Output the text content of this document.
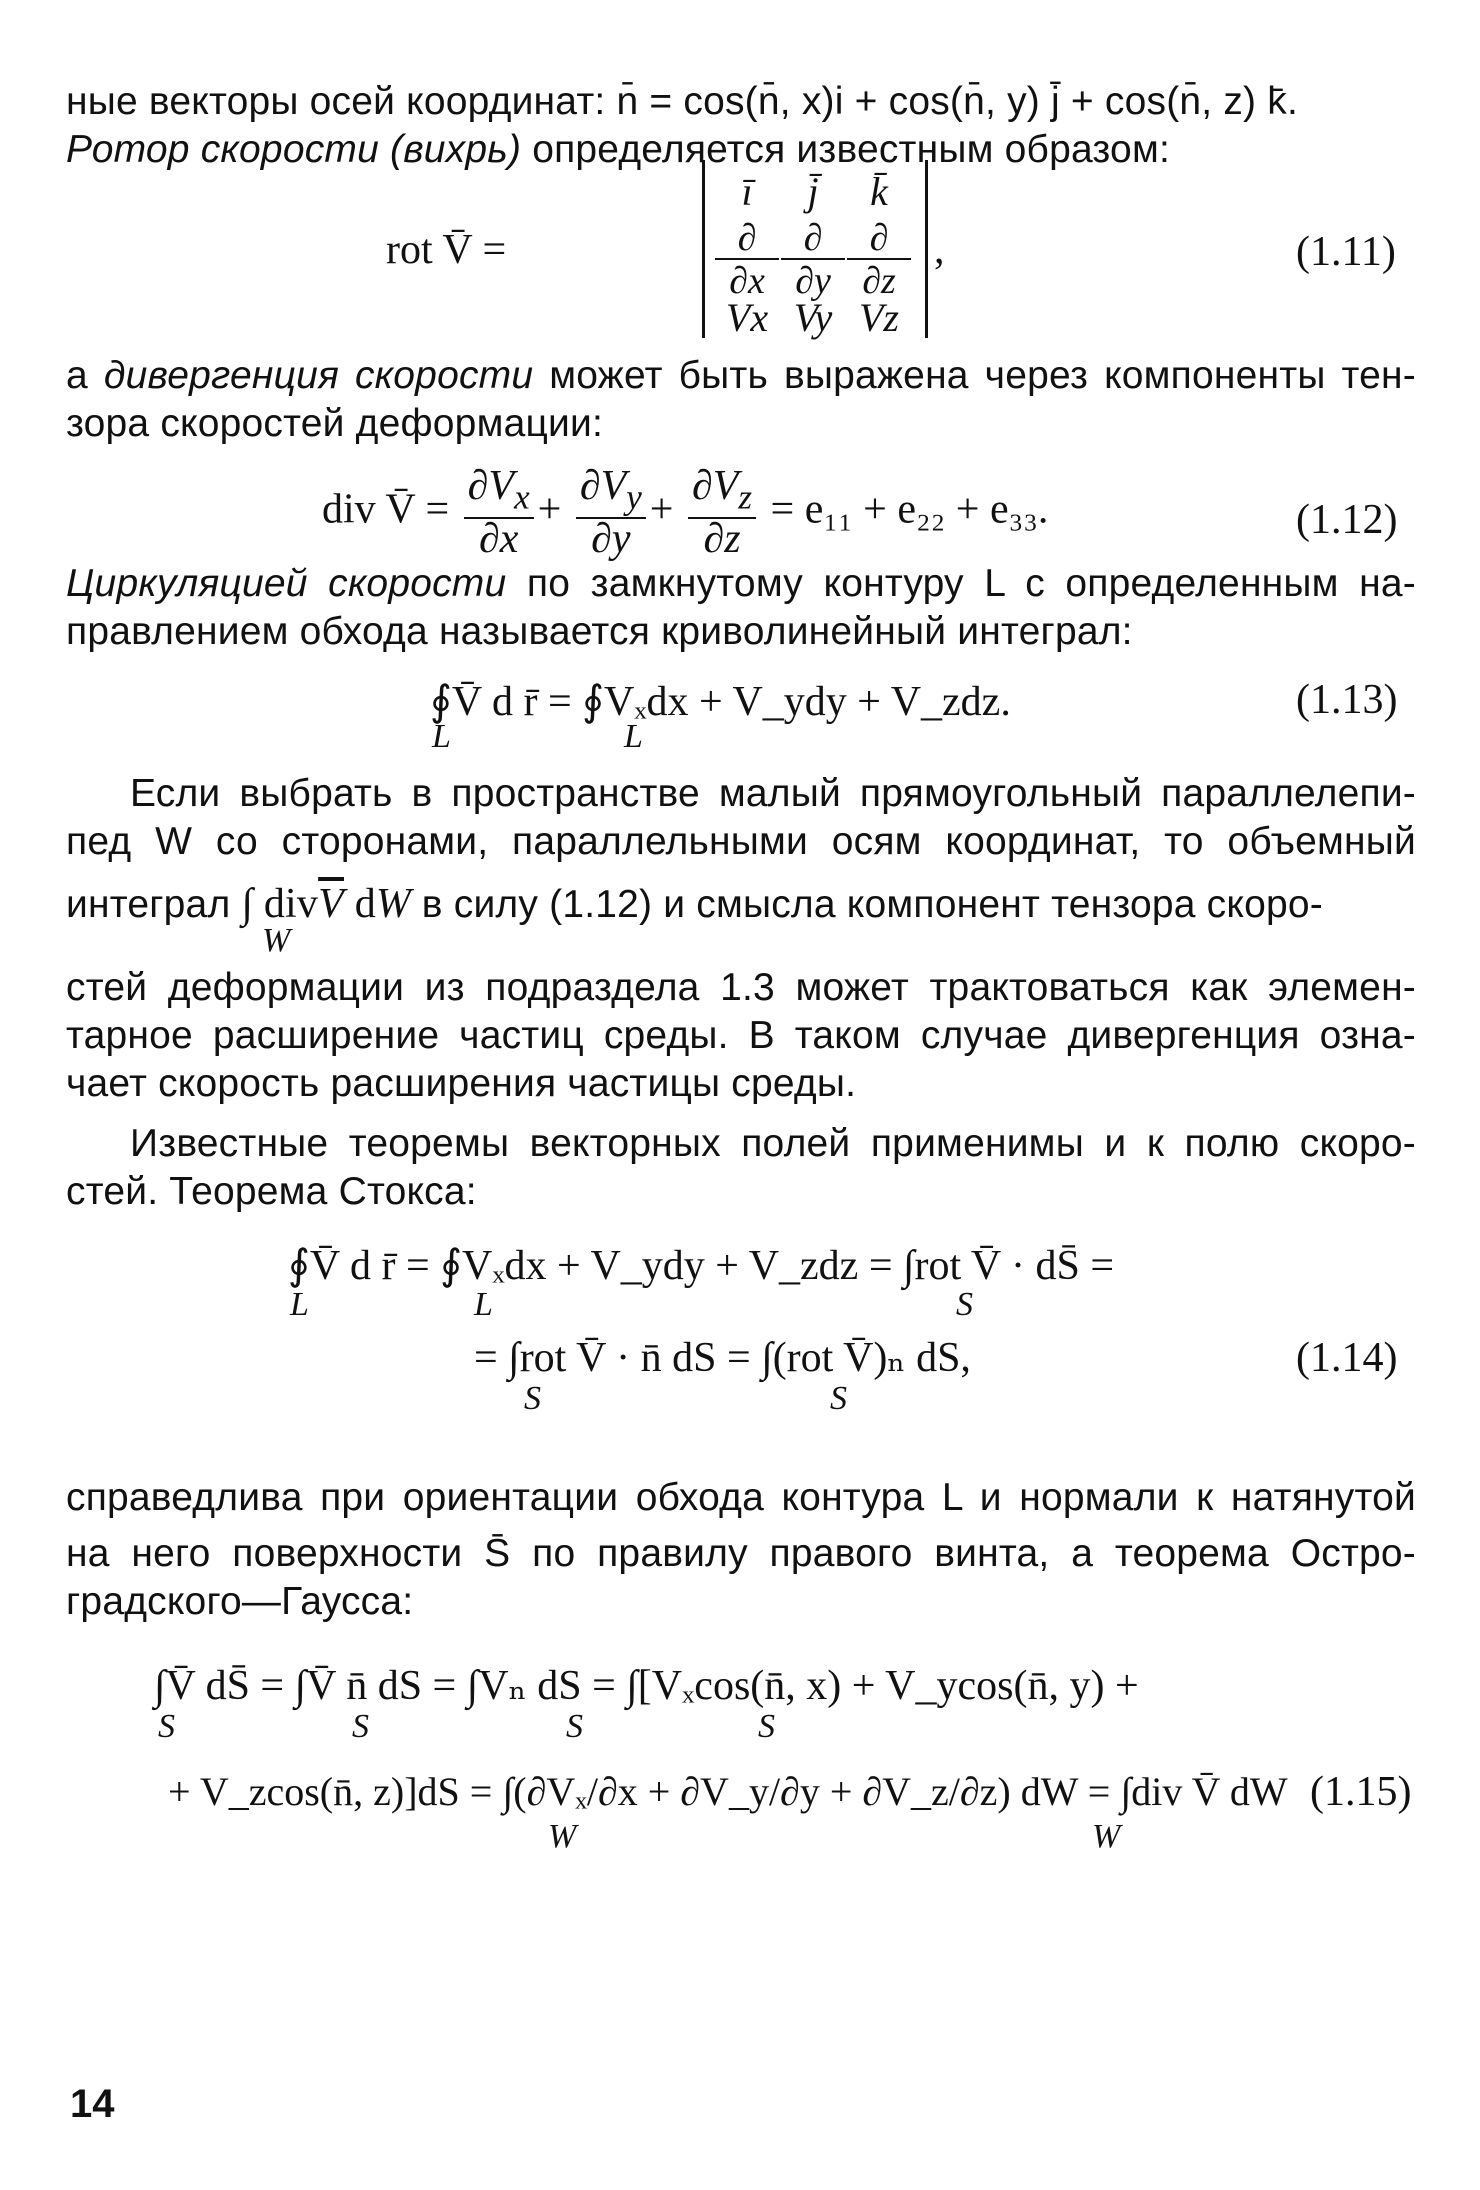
ные векторы осей координат: n̄ = cos(n̄, x)i + cos(n̄, y) j̄ + cos(n̄, z) k̄.
Ротор скорости (вихрь) определяется известным образом:
rot V̄ =
ī	j̄	k̄
∂
∂x
∂
∂y
∂
∂z
Vx Vy Vz
,	(1.11)
а дивергенция скорости может быть выражена через компоненты тен-
зора скоростей деформации:
div V̄ = $\frac{\partial V_x}{\partial x} + \frac{\partial V_y}{\partial y} + \frac{\partial V_z}{\partial z} = e_{11} + e_{22} + e_{33}$.	(1.12)
Циркуляцией скорости по замкнутому контуру L с определенным на-
правлением обхода называется криволинейный интеграл:
∮V̄ d r̄ = ∮Vₓdx + V_ydy + V_zdz.
L	L
(1.13)
Если выбрать в пространстве малый прямоугольный параллелепи-
пед W со сторонами, параллельными осям координат, то объемный
интеграл ∫ $div\overline{V}$ dW в силу (1.12) и смысла компонент тензора скоро-
W
стей деформации из подраздела 1.3 может трактоваться как элемен-
тарное расширение частиц среды. В таком случае дивергенция озна-
чает скорость расширения частицы среды.
Известные теоремы векторных полей применимы и к полю скоро-
стей. Теорема Стокса:
∮V̄ d r̄ = ∮Vₓdx + V_ydy + V_zdz = ∫rot V̄ · dS̄ =
L	L	S
= ∫rot V̄ · n̄ dS = ∫(rot V̄)ₙ dS,
S	S
(1.14)
справедлива при ориентации обхода контура L и нормали к натянутой
на него поверхности S̄ по правилу правого винта, а теорема Остро-
градского—Гаусса:
∫V̄ dS̄ = ∫V̄ n̄ dS = ∫Vₙ dS = ∫[Vₓcos(n̄, x) + V_ycos(n̄, y) +
S	S	S	S
+ V_zcos(n̄, z)]dS = ∫(∂Vₓ/∂x + ∂V_y/∂y + ∂V_z/∂z) dW = ∫div V̄ dW
W	W
(1.15)
14
